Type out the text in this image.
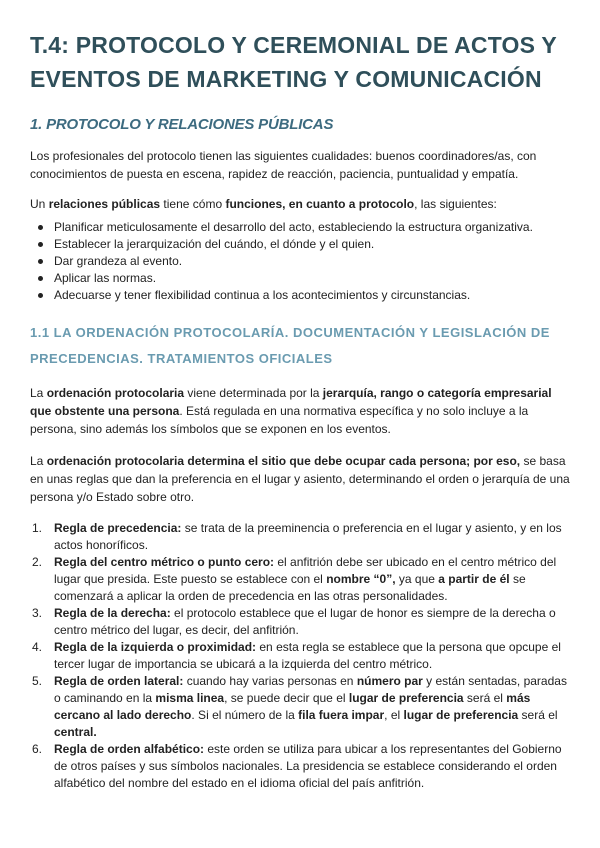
T.4: PROTOCOLO Y CEREMONIAL DE ACTOS Y EVENTOS DE MARKETING Y COMUNICACIÓN
1. PROTOCOLO Y RELACIONES PÚBLICAS

Los profesionales del protocolo tienen las siguientes cualidades: buenos coordinadores/as, con conocimientos de puesta en escena, rapidez de reacción, paciencia, puntualidad y empatía.

Un relaciones públicas tiene cómo funciones, en cuanto a protocolo, las siguientes:

Planificar meticulosamente el desarrollo del acto, estableciendo la estructura organizativa.
Establecer la jerarquización del cuándo, el dónde y el quien.
Dar grandeza al evento.
Aplicar las normas.
Adecuarse y tener flexibilidad continua a los acontecimientos y circunstancias.
1.1 LA ORDENACIÓN PROTOCOLARÍA. DOCUMENTACIÓN Y LEGISLACIÓN DE PRECEDENCIAS. TRATAMIENTOS OFICIALES

La ordenación protocolaria viene determinada por la jerarquía, rango o categoría empresarial que obstente una persona. Está regulada en una normativa específica y no solo incluye a la persona, sino además los símbolos que se exponen en los eventos.

La ordenación protocolaria determina el sitio que debe ocupar cada persona; por eso, se basa en unas reglas que dan la preferencia en el lugar y asiento, determinando el orden o jerarquía de una persona y/o Estado sobre otro.

1. Regla de precedencia: se trata de la preeminencia o preferencia en el lugar y asiento, y en los actos honoríficos.
2. Regla del centro métrico o punto cero: el anfitrión debe ser ubicado en el centro métrico del lugar que presida. Este puesto se establece con el nombre “0”, ya que a partir de él se comenzará a aplicar la orden de precedencia en las otras personalidades.
3. Regla de la derecha: el protocolo establece que el lugar de honor es siempre de la derecha o centro métrico del lugar, es decir, del anfitrión.
4. Regla de la izquierda o proximidad: en esta regla se establece que la persona que opcupe el tercer lugar de importancia se ubicará a la izquierda del centro métrico.
5. Regla de orden lateral: cuando hay varias personas en número par y están sentadas, paradas o caminando en la misma linea, se puede decir que el lugar de preferencia será el más cercano al lado derecho. Si el número de la fila fuera impar, el lugar de preferencia será el central.
6. Regla de orden alfabético: este orden se utiliza para ubicar a los representantes del Gobierno de otros países y sus símbolos nacionales. La presidencia se establece considerando el orden alfabético del nombre del estado en el idioma oficial del país anfitrión.
